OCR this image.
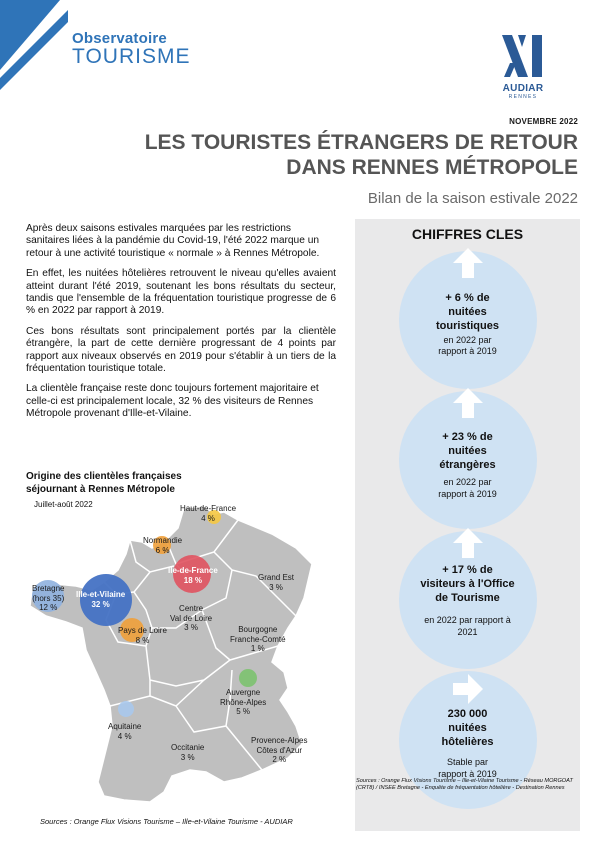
Observatoire
TOURISME
AUDIAR
RENNES
NOVEMBRE 2022
LES TOURISTES ÉTRANGERS DE RETOUR
DANS RENNES MÉTROPOLE
Bilan de la saison estivale 2022

Après deux saisons estivales marquées par les restrictions sanitaires liées à la pandémie du Covid-19, l'été 2022 marque un retour à une activité touristique « normale » à Rennes Métropole.

En effet, les nuitées hôtelières retrouvent le niveau qu'elles avaient atteint durant l'été 2019, soutenant les bons résultats du secteur, tandis que l'ensemble de la fréquentation touristique progresse de 6 % en 2022 par rapport à 2019.

Ces bons résultats sont principalement portés par la clientèle étrangère, la part de cette dernière progressant de 4 points par rapport aux niveaux observés en 2019 pour s'établir à un tiers de la fréquentation touristique totale.

La clientèle française reste donc toujours fortement majoritaire et celle-ci est principalement locale, 32 % des visiteurs de Rennes Métropole provenant d'Ille-et-Vilaine.

Origine des clientèles françaises
séjournant à Rennes Métropole
Juillet-août 2022	Haut-de-France
4 %
Normandie
6 %
Ile-de-France
18 %	Grand Est
3 %
Bretagne
(hors 35)
12 %
Ille-et-Vilaine
32 %	Centre
Val de Loire
3 %
Pays de Loire
8 %
Bourgogne
Franche-Comté
1 %
Auvergne
Rhône-Alpes
5 %
Aquitaine
4 %
Occitanie
3 %
Provence-Alpes
Côtes d'Azur
2 %
Sources : Orange Flux Visions Tourisme – Ille-et-Vilaine Tourisme - AUDIAR
CHIFFRES CLES
+ 6 % de
nuitées
touristiques
en 2022 par
rapport à 2019
+ 23 % de
nuitées
étrangères
en 2022 par
rapport à 2019
+ 17 % de
visiteurs à l'Office
de Tourisme
en 2022 par rapport à
2021
230 000
nuitées
hôtelières
Stable par
rapport à 2019
Sources : Orange Flux Visions Tourisme – Ille-et-Vilaine Tourisme - Réseau MORGOAT (CRT8) / INSEE Bretagne - Enquête de fréquentation hôtelière - Destination Rennes
